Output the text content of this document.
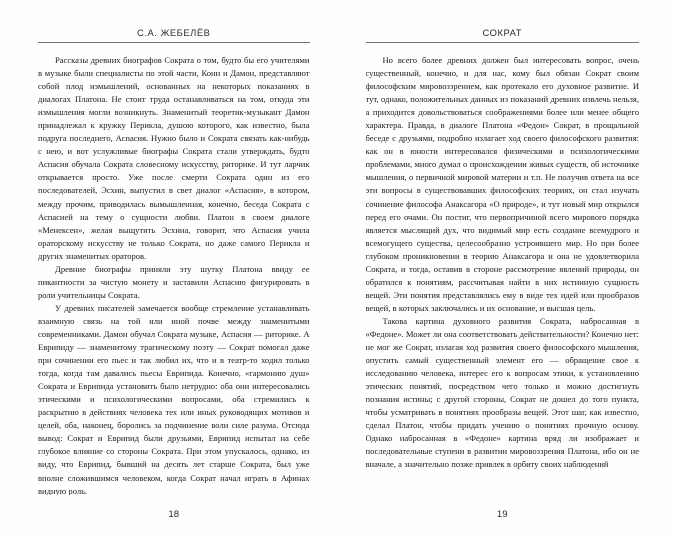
С.А. ЖЕБЕЛЁВ

Рассказы древних биографов Сократа о том, будто бы его учителями в музыке были специалисты по этой части, Конн и Дамон, представляют собой плод измышлений, основанных на некоторых показаниях в диалогах Платона. Не стоит труда останавливаться на том, откуда эти измышления могли возникнуть. Знаменитый теоретик-музыкант Дамон принадлежал к кружку Перикла, душою которого, как известно, была подруга последнего, Аспасия. Нужно было и Сократа связать как-нибудь с нею, и вот услужливые биографы Сократа стали утверждать, будто Аспасия обучала Сократа словесному искусству, риторике. И тут ларчик открывается просто. Уже после смерти Сократа один из его последователей, Эсхин, выпустил в свет диалог «Аспасия», в котором, между прочим, приводилась вымышленная, конечно, беседа Сократа с Аспасией на тему о сущности любви. Платон в своем диалоге «Менексен», желая выщутить Эсхина, говорит, что Аспасия учила ораторскому искусству не только Сократа, но даже самого Перикла и других знаменитых ораторов.

Древние биографы приняли эту шутку Платона ввиду ее пикантности за чистую монету и заставили Аспасию фигурировать в роли учительницы Сократа.

У древних писателей замечается вообще стремление устанавливать взаимную связь на той или иной почве между знаменитыми современниками. Дамон обучал Сократа музыке, Аспасия — риторике. А Еврипиду — знаменитому трагическому поэту — Сократ помогал даже при сочинении его пьес и так любил их, что и в театр-то ходил только тогда, когда там давались пьесы Еврипида. Конечно, «гармонию душ» Сократа и Еврипида установить было нетрудно: оба они интересовались этическими и психологическими вопросами, оба стремились к раскрытию в действиях человека тех или иных руководящих мотивов и целей, оба, наконец, боролись за подчинение воли силе разума. Отсюда вывод: Сократ и Еврипид были друзьями, Еврипид испытал на себе глубокое влияние со стороны Сократа. При этом упускалось, однако, из виду, что Еврипид, бывший на десять лет старше Сократа, был уже вполне сложившимся человеком, когда Сократ начал играть в Афинах видную роль.

18
СОКРАТ

Но всего более древних должен был интересовать вопрос, очень существенный, конечно, и для нас, кому был обязан Сократ своим философским мировоззрением, как протекало его духовное развитие. И тут, однако, положительных данных из показаний древних извлечь нельзя, а приходится довольствоваться соображениями более или менее общего характера. Правда, в диалоге Платона «Федон» Сократ, в прощальной беседе с друзьями, подробно излагает ход своего философского развития: как он в юности интересовался физическими и психологическими проблемами, много думал о происхождении живых существ, об источнике мышления, о первичной мировой материи и т.п. Не получив ответа на все эти вопросы в существовавших философских теориях, он стал изучать сочинение философа Анаксагора «О природе», и тут новый мир открылся перед его очами. Он постиг, что первопричиной всего мирового порядка является мыслящий дух, что видимый мир есть создание всемудрого и всемогущего существа, целесообразно устроившего мир. Но при более глубоком проникновении в теорию Анаксагора и она не удовлетворила Сократа, и тогда, оставив в стороне рассмотрение явлений природы, он обратился к понятиям, рассчитывая найти в них истинную сущность вещей. Эти понятия представлялись ему в виде тех идей или прообразов вещей, в которых заключались и их основание, и высшая цель.

Такова картина духовного развития Сократа, набросанная в «Федоне». Может ли она соответствовать действительности? Конечно нет: не мог же Сократ, излагая ход развития своего философского мышления, опустить самый существенный элемент его — обращение свое к исследованию человека, интерес его к вопросам этики, к установлению этических понятий, посредством чего только и можно достигнуть познания истины; с другой стороны, Сократ не дошел до того пункта, чтобы усматривать в понятиях прообразы вещей. Этот шаг, как известно, сделал Платон, чтобы придать учению о понятиях прочную основу. Однако набросанная в «Федоне» картина вряд ли изображает и последовательные ступени в развитии мировоззрения Платона, ибо он не вначале, а значительно позже привлек в орбиту своих наблюдений

19
